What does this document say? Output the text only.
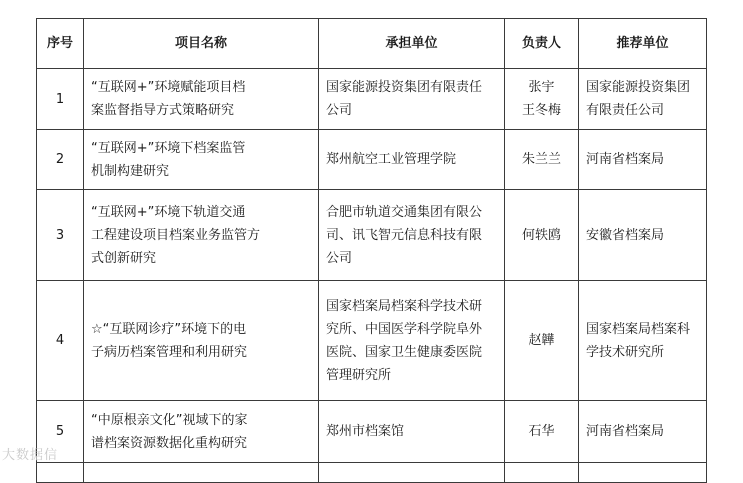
序号	项目名称	承担单位	负责人	推荐单位
1	“互联网+”环境赋能项目档
案监督指导方式策略研究	国家能源投资集团有限责任
公司	张宇
王冬梅	国家能源投资集团
有限责任公司

2	“互联网+”环境下档案监管
机制构建研究	郑州航空工业管理学院	朱兰兰	河南省档案局

3	“互联网+”环境下轨道交通
工程建设项目档案业务监管方
式创新研究	合肥市轨道交通集团有限公
司、讯飞智元信息科技有限
公司	何轶鸥	安徽省档案局

4	☆“互联网诊疗”环境下的电
子病历档案管理和利用研究	国家档案局档案科学技术研
究所、中国医学科学院阜外
医院、国家卫生健康委医院
管理研究所	赵韡	国家档案局档案科
学技术研究所

5	“中原根亲文化”视域下的家
谱档案资源数据化重构研究	郑州市档案馆	石华	河南省档案局

大数据信
